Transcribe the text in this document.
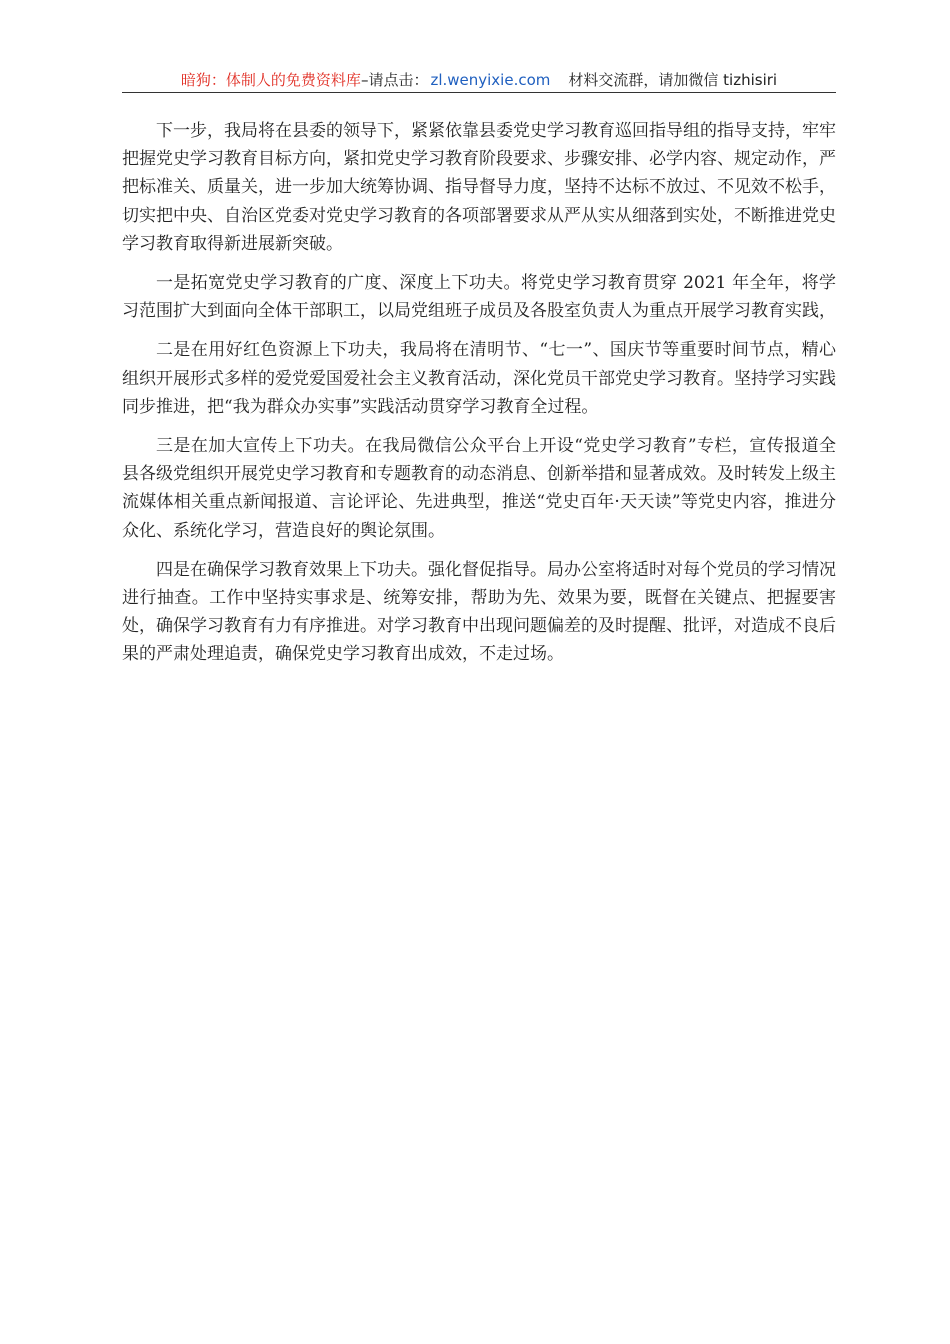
暗狗：体制人的免费资料库–请点击： zl.wenyixie.com 材料交流群，请加微信 tizhisiri

下一步，我局将在县委的领导下，紧紧依靠县委党史学习教育巡回指导组的指导支持，牢牢把握党史学习教育目标方向，紧扣党史学习教育阶段要求、步骤安排、必学内容、规定动作，严把标准关、质量关，进一步加大统筹协调、指导督导力度，坚持不达标不放过、不见效不松手，切实把中央、自治区党委对党史学习教育的各项部署要求从严从实从细落到实处，不断推进党史学习教育取得新进展新突破。

一是拓宽党史学习教育的广度、深度上下功夫。将党史学习教育贯穿 2021 年全年，将学习范围扩大到面向全体干部职工，以局党组班子成员及各股室负责人为重点开展学习教育实践，

二是在用好红色资源上下功夫，我局将在清明节、“七一”、国庆节等重要时间节点，精心组织开展形式多样的爱党爱国爱社会主义教育活动，深化党员干部党史学习教育。坚持学习实践同步推进，把“我为群众办实事”实践活动贯穿学习教育全过程。

三是在加大宣传上下功夫。在我局微信公众平台上开设“党史学习教育”专栏，宣传报道全县各级党组织开展党史学习教育和专题教育的动态消息、创新举措和显著成效。及时转发上级主流媒体相关重点新闻报道、言论评论、先进典型，推送“党史百年·天天读”等党史内容，推进分众化、系统化学习，营造良好的舆论氛围。

四是在确保学习教育效果上下功夫。强化督促指导。局办公室将适时对每个党员的学习情况进行抽查。工作中坚持实事求是、统筹安排，帮助为先、效果为要，既督在关键点、把握要害处，确保学习教育有力有序推进。对学习教育中出现问题偏差的及时提醒、批评，对造成不良后果的严肃处理追责，确保党史学习教育出成效，不走过场。
